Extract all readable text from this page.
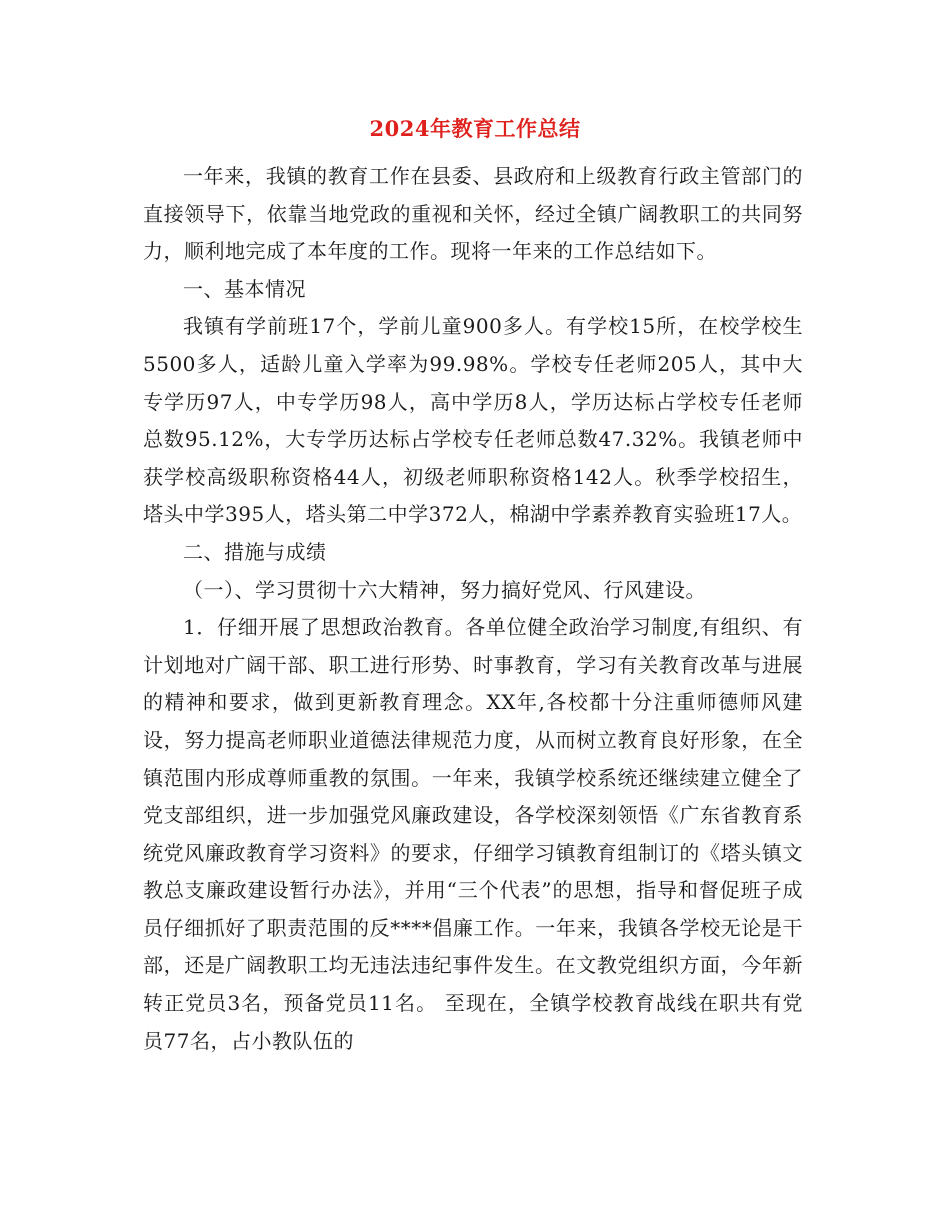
2024年教育工作总结

一年来，我镇的教育工作在县委、县政府和上级教育行政主管部门的直接领导下，依靠当地党政的重视和关怀，经过全镇广阔教职工的共同努力，顺利地完成了本年度的工作。现将一年来的工作总结如下。

一、基本情况

我镇有学前班17个，学前儿童900多人。有学校15所，在校学校生5500多人，适龄儿童入学率为99.98%。学校专任老师205人，其中大专学历97人，中专学历98人，高中学历8人，学历达标占学校专任老师总数95.12%，大专学历达标占学校专任老师总数47.32%。我镇老师中获学校高级职称资格44人，初级老师职称资格142人。秋季学校招生，塔头中学395人，塔头第二中学372人，棉湖中学素养教育实验班17人。

二、措施与成绩

（一）、学习贯彻十六大精神，努力搞好党风、行风建设。

1．仔细开展了思想政治教育。各单位健全政治学习制度,有组织、有计划地对广阔干部、职工进行形势、时事教育，学习有关教育改革与进展的精神和要求，做到更新教育理念。XX年,各校都十分注重师德师风建设，努力提高老师职业道德法律规范力度，从而树立教育良好形象，在全镇范围内形成尊师重教的氛围。一年来，我镇学校系统还继续建立健全了党支部组织，进一步加强党风廉政建设，各学校深刻领悟《广东省教育系统党风廉政教育学习资料》的要求，仔细学习镇教育组制订的《塔头镇文教总支廉政建设暂行办法》，并用“三个代表”的思想，指导和督促班子成员仔细抓好了职责范围的反****倡廉工作。一年来，我镇各学校无论是干部，还是广阔教职工均无违法违纪事件发生。在文教党组织方面，今年新转正党员3名，预备党员11名。 至现在，全镇学校教育战线在职共有党员77名，占小教队伍的
